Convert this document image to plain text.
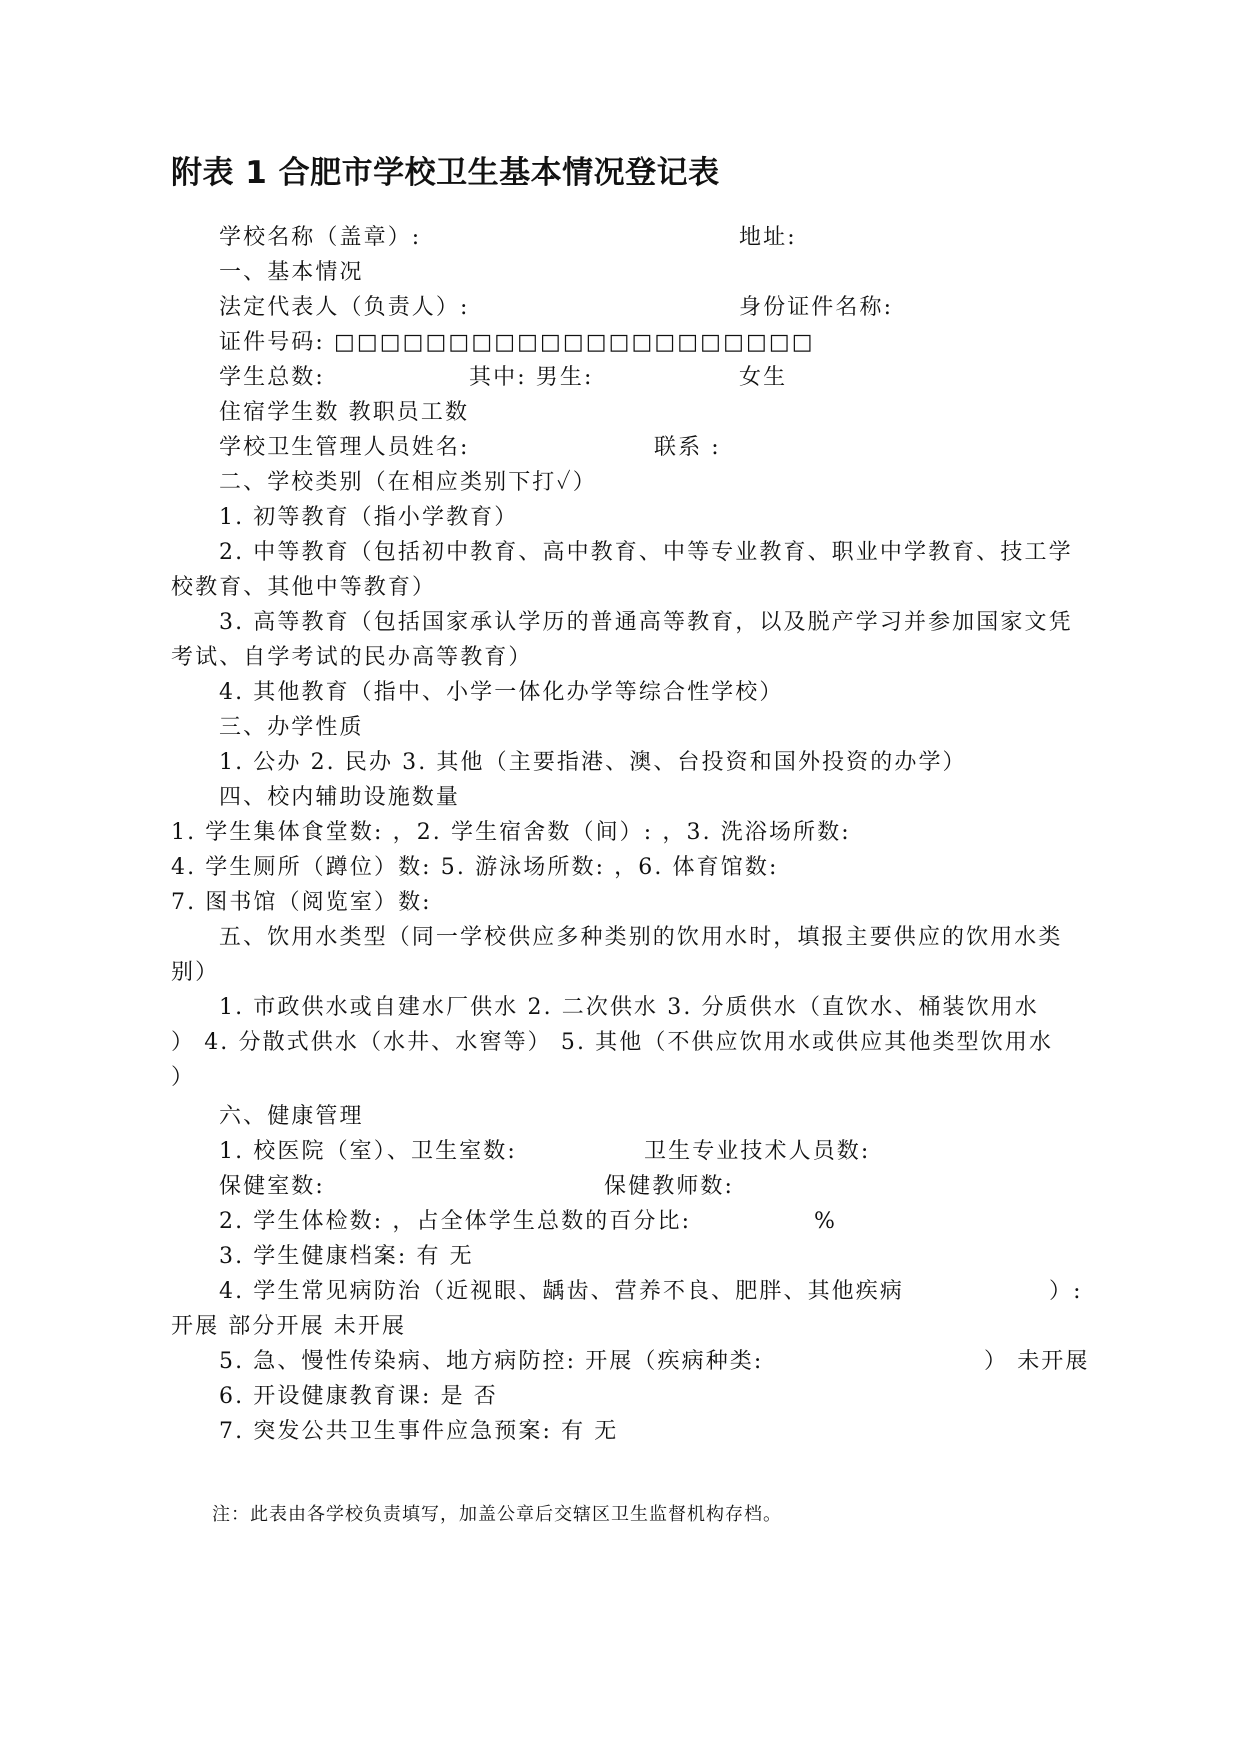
附表 1 合肥市学校卫生基本情况登记表

学校名称（盖章）:	地址:

一、基本情况

法定代表人（负责人）:	身份证件名称:

证件号码: □□□□□□□□□□□□□□□□□□□□□

学生总数:	其中: 男生:	女生

住宿学生数 教职员工数

学校卫生管理人员姓名:	联系 :

二、学校类别（在相应类别下打✓）

1. 初等教育（指小学教育）

2. 中等教育（包括初中教育、高中教育、中等专业教育、职业中学教育、技工学

校教育、其他中等教育）

3. 高等教育（包括国家承认学历的普通高等教育，以及脱产学习并参加国家文凭

考试、自学考试的民办高等教育）

4. 其他教育（指中、小学一体化办学等综合性学校）

三、办学性质

1. 公办 2. 民办 3. 其他（主要指港、澳、台投资和国外投资的办学）

四、校内辅助设施数量

1. 学生集体食堂数: ，2. 学生宿舍数（间）: ，3. 洗浴场所数:

4. 学生厕所（蹲位）数: 5. 游泳场所数: ，6. 体育馆数:

7. 图书馆（阅览室）数:

五、饮用水类型（同一学校供应多种类别的饮用水时，填报主要供应的饮用水类

别）

1. 市政供水或自建水厂供水 2. 二次供水 3. 分质供水（直饮水、桶装饮用水

） 4. 分散式供水（水井、水窖等） 5. 其他（不供应饮用水或供应其他类型饮用水

）

六、健康管理

1. 校医院（室）、卫生室数:	卫生专业技术人员数:

保健室数:	保健教师数:

2. 学生体检数: ，占全体学生总数的百分比:	%

3. 学生健康档案: 有 无

4. 学生常见病防治（近视眼、龋齿、营养不良、肥胖、其他疾病	）:

开展 部分开展 未开展

5. 急、慢性传染病、地方病防控: 开展（疾病种类:	） 未开展

6. 开设健康教育课: 是 否

7. 突发公共卫生事件应急预案: 有 无

注：此表由各学校负责填写，加盖公章后交辖区卫生监督机构存档。
